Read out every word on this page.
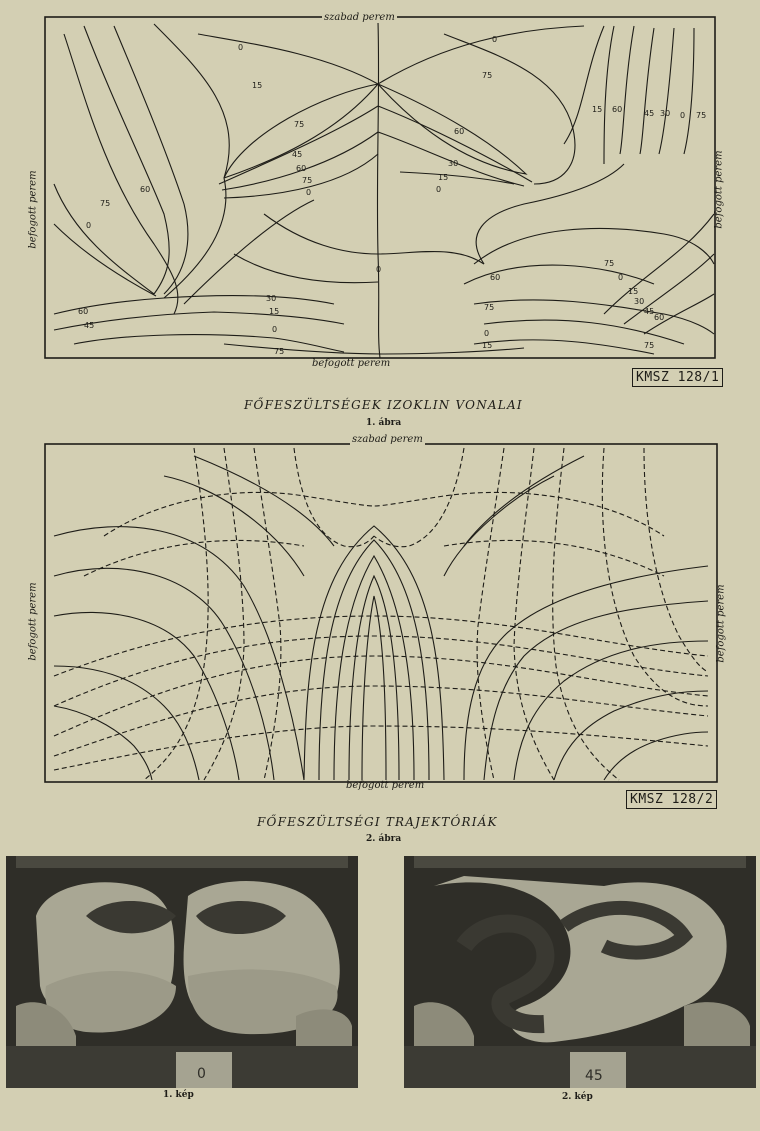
0
15
75
45
60
75
0
0
75
60
30
15
0
0
75
0
60
60
45
30
15
0
75
0
15
75
60
75
0
15
30
45
60
75
15 60	45 30 0 75
szabad perem
befogott perem
befogott perem	befogott perem
KMSZ 128/1
FŐFESZÜLTSÉGEK IZOKLIN VONALAI
1. ábra
szabad perem
befogott perem
befogott perem	befogott perem
KMSZ 128/2
FŐFESZÜLTSÉGI TRAJEKTÓRIÁK
2. ábra
0
1. kép
45
2. kép
